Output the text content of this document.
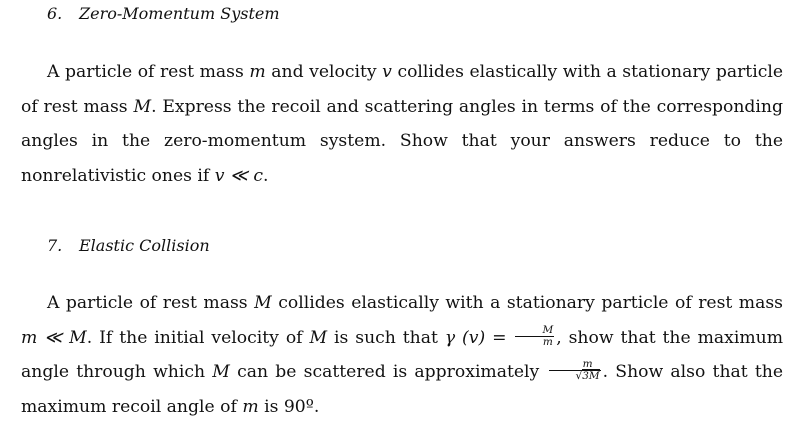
6. Zero-Momentum System

A particle of rest mass m and velocity v collides elastically with a stationary particle of rest mass M. Express the recoil and scattering angles in terms of the corresponding angles in the zero-momentum system. Show that your answers reduce to the nonrelativistic ones if v ≪ c.

7. Elastic Collision

A particle of rest mass M collides elastically with a stationary particle of rest mass m ≪ M. If the initial velocity of M is such that γ $(v) = \frac{M}{m}$ , show that the maximum angle through which M can be scattered is approximately $\frac{m}{√3M}$ . Show also that the maximum recoil angle of m is 90º.
